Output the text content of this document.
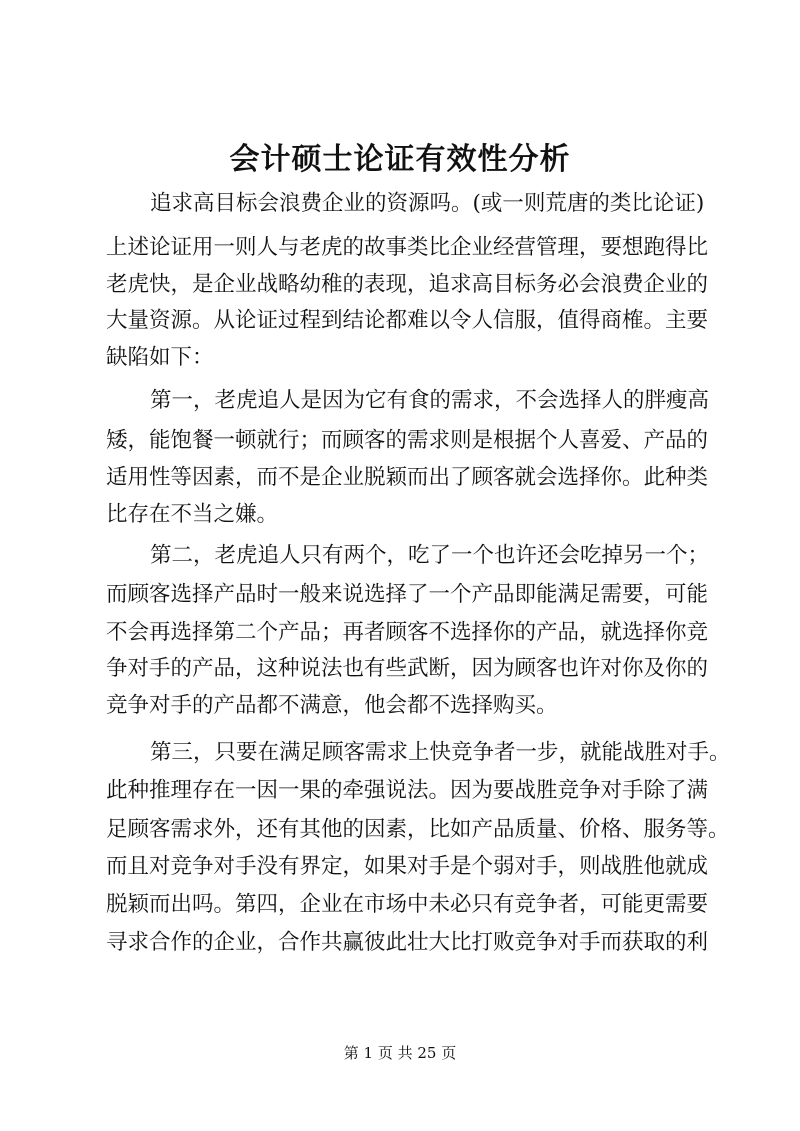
会计硕士论证有效性分析
追求高目标会浪费企业的资源吗。(或一则荒唐的类比论证)
上述论证用一则人与老虎的故事类比企业经营管理，要想跑得比
老虎快，是企业战略幼稚的表现，追求高目标务必会浪费企业的
大量资源。从论证过程到结论都难以令人信服，值得商榷。主要
缺陷如下：
第一，老虎追人是因为它有食的需求，不会选择人的胖瘦高
矮，能饱餐一顿就行；而顾客的需求则是根据个人喜爱、产品的
适用性等因素，而不是企业脱颖而出了顾客就会选择你。此种类
比存在不当之嫌。
第二，老虎追人只有两个，吃了一个也许还会吃掉另一个；
而顾客选择产品时一般来说选择了一个产品即能满足需要，可能
不会再选择第二个产品；再者顾客不选择你的产品，就选择你竞
争对手的产品，这种说法也有些武断，因为顾客也许对你及你的
竞争对手的产品都不满意，他会都不选择购买。
第三，只要在满足顾客需求上快竞争者一步，就能战胜对手。
此种推理存在一因一果的牵强说法。因为要战胜竞争对手除了满
足顾客需求外，还有其他的因素，比如产品质量、价格、服务等。
而且对竞争对手没有界定，如果对手是个弱对手，则战胜他就成
脱颖而出吗。第四，企业在市场中未必只有竞争者，可能更需要
寻求合作的企业，合作共赢彼此壮大比打败竞争对手而获取的利
第 1 页 共 25 页
